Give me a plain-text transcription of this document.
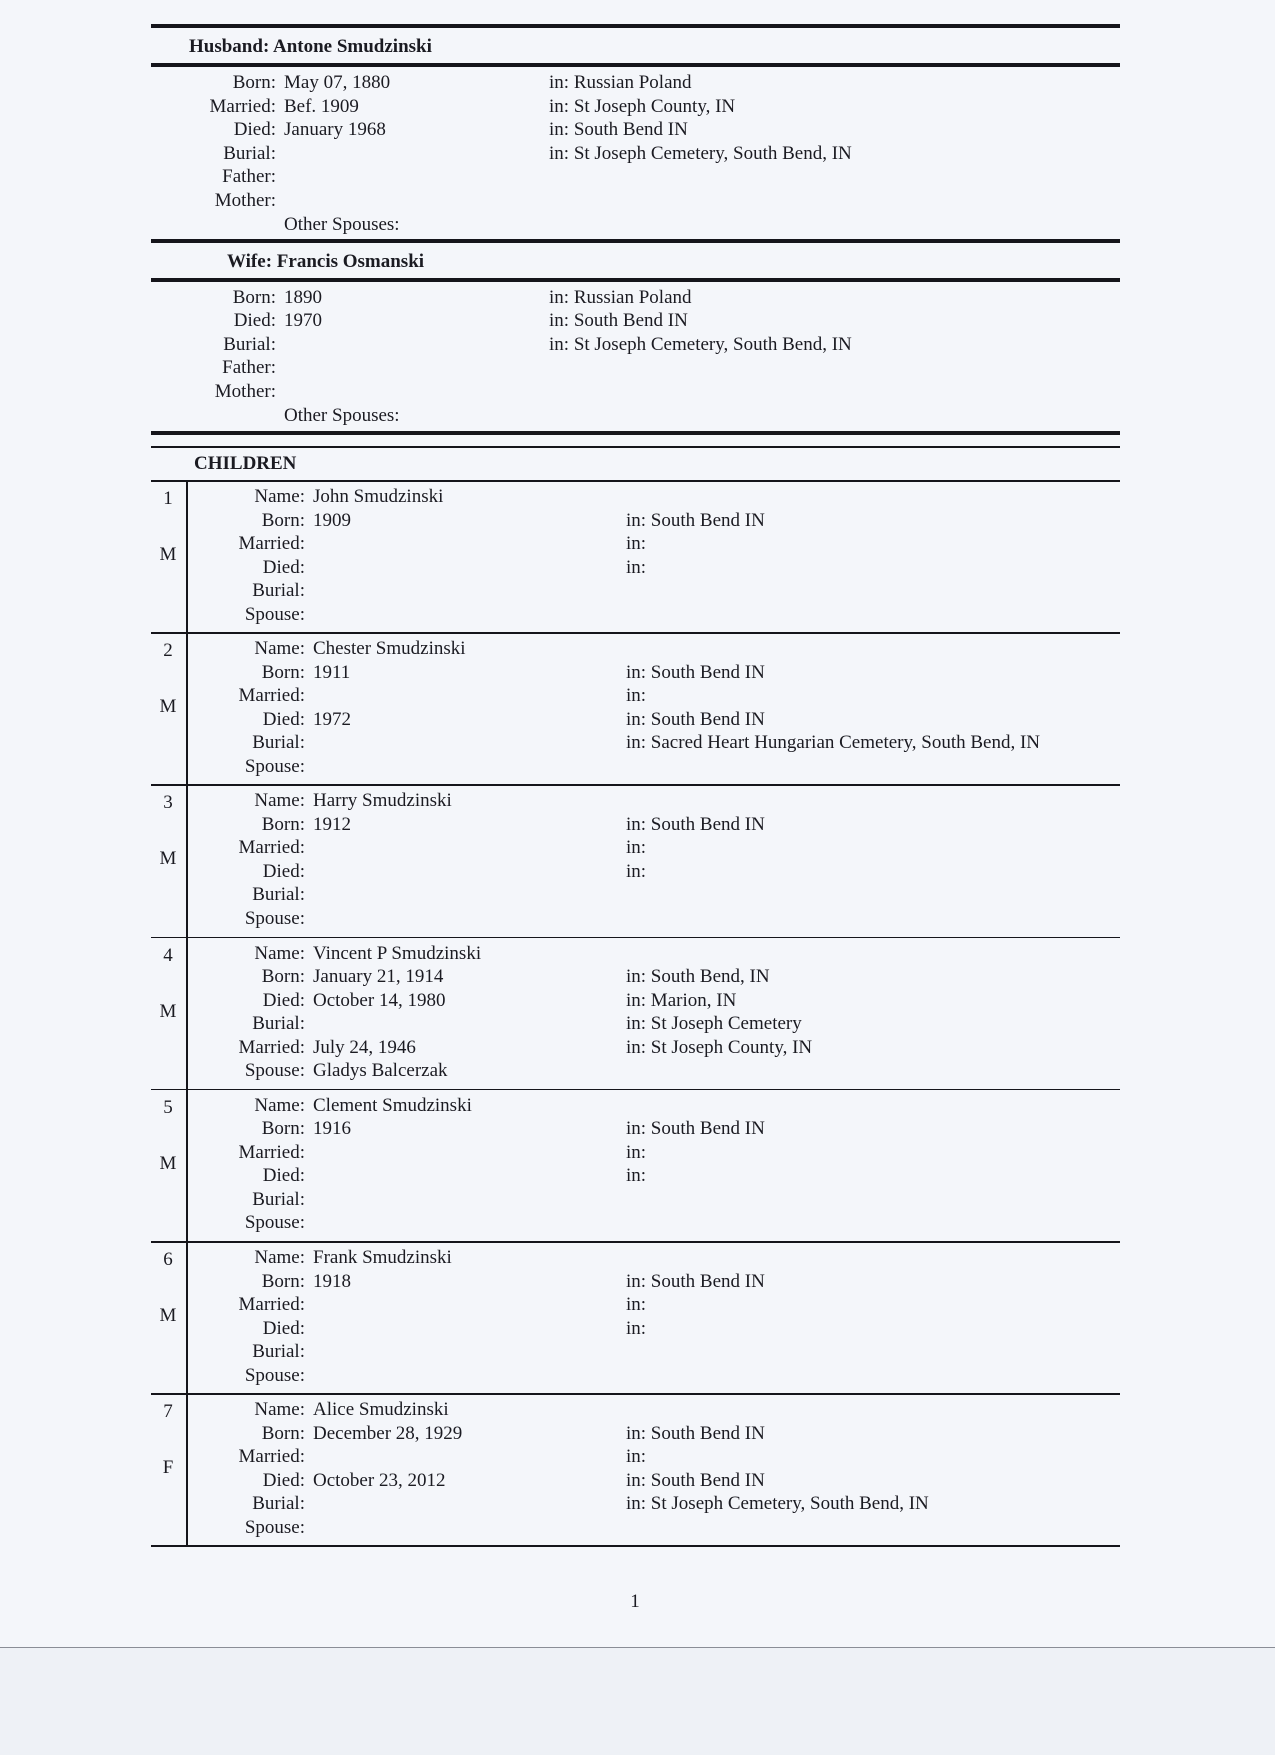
Husband: Antone Smudzinski
Born: May 07, 1880	in: Russian Poland
Married: Bef. 1909	in: St Joseph County, IN
Died: January 1968	in: South Bend IN
Burial:	in: St Joseph Cemetery, South Bend, IN
Father:
Mother:
Other Spouses:
Wife: Francis Osmanski
Born: 1890	in: Russian Poland
Died: 1970	in: South Bend IN
Burial:	in: St Joseph Cemetery, South Bend, IN
Father:
Mother:
Other Spouses:
CHILDREN
1
M
Name: John Smudzinski
Born: 1909	in: South Bend IN
Married:	in:
Died:	in:
Burial:
Spouse:
2
M
Name: Chester Smudzinski
Born: 1911	in: South Bend IN
Married:	in:
Died: 1972	in: South Bend IN
Burial:	in: Sacred Heart Hungarian Cemetery, South Bend, IN
Spouse:
3
M
Name: Harry Smudzinski
Born: 1912	in: South Bend IN
Married:	in:
Died:	in:
Burial:
Spouse:
4
M
Name: Vincent P Smudzinski
Born: January 21, 1914	in: South Bend, IN
Died: October 14, 1980	in: Marion, IN
Burial:	in: St Joseph Cemetery
Married: July 24, 1946	in: St Joseph County, IN
Spouse: Gladys Balcerzak
5
M
Name: Clement Smudzinski
Born: 1916	in: South Bend IN
Married:	in:
Died:	in:
Burial:
Spouse:
6
M
Name: Frank Smudzinski
Born: 1918	in: South Bend IN
Married:	in:
Died:	in:
Burial:
Spouse:
7
F
Name: Alice Smudzinski
Born: December 28, 1929	in: South Bend IN
Married:	in:
Died: October 23, 2012	in: South Bend IN
Burial:	in: St Joseph Cemetery, South Bend, IN
Spouse:
1
